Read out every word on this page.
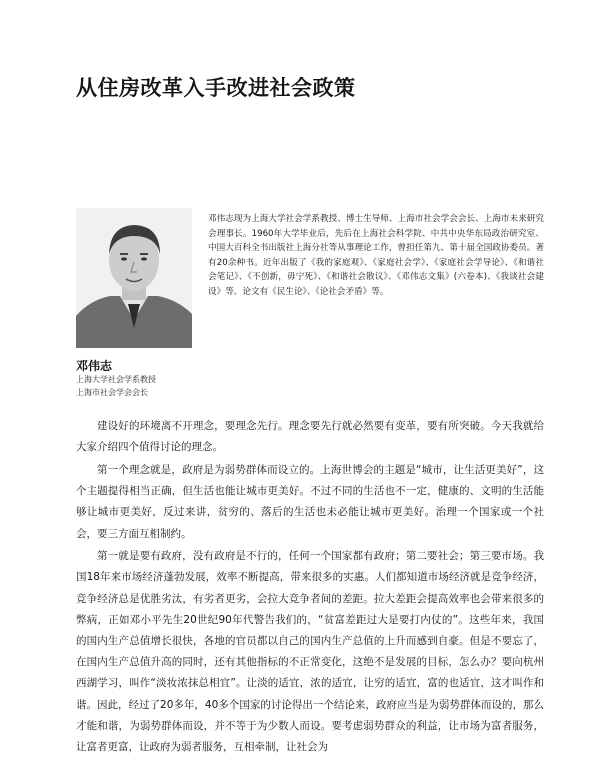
从住房改革入手改进社会政策
邓伟志现为上海大学社会学系教授、博士生导师、上海市社会学会会长、上海市未来研究会理事长。1960年大学毕业后，先后在上海社会科学院、中共中央华东局政治研究室、中国大百科全书出版社上海分社等从事理论工作，曾担任第九、第十届全国政协委员。著有20余种书。近年出版了《我的家庭观》、《家庭社会学》、《家庭社会学导论》、《和谐社会笔记》、《不创新，毋宁死》、《和谐社会散议》、《邓伟志文集》(六卷本)、《我谈社会建设》等。论文有《民生论》、《论社会矛盾》等。
邓伟志
上海大学社会学系教授
上海市社会学会会长

建设好的环境离不开理念，要理念先行。理念要先行就必然要有变革，要有所突破。今天我就给大家介绍四个值得讨论的理念。

第一个理念就是，政府是为弱势群体而设立的。上海世博会的主题是“城市，让生活更美好”，这个主题提得相当正确，但生活也能让城市更美好。不过不同的生活也不一定，健康的、文明的生活能够让城市更美好，反过来讲，贫穷的、落后的生活也未必能让城市更美好。治理一个国家或一个社会，要三方面互相制约。

第一就是要有政府，没有政府是不行的，任何一个国家都有政府；第二要社会；第三要市场。我国18年来市场经济蓬勃发展，效率不断提高，带来很多的实惠。人们都知道市场经济就是竞争经济，竞争经济总是优胜劣汰，有劣者更劣，会拉大竞争者间的差距。拉大差距会提高效率也会带来很多的弊病，正如邓小平先生20世纪90年代警告我们的，“贫富差距过大是要打内仗的”。这些年来，我国的国内生产总值增长很快，各地的官员都以自己的国内生产总值的上升而感到自豪。但是不要忘了，在国内生产总值升高的同时，还有其他指标的不正常变化，这绝不是发展的目标，怎么办？要向杭州西湖学习，叫作“淡妆浓抹总相宜”。让淡的适宜，浓的适宜，让穷的适宜，富的也适宜，这才叫作和谐。因此，经过了20多年，40多个国家的讨论得出一个结论来，政府应当是为弱势群体而设的，那么才能和谐，为弱势群体而设，并不等于为少数人而设。要考虑弱势群众的利益，让市场为富者服务，让富者更富，让政府为弱者服务，互相牵制，让社会为
